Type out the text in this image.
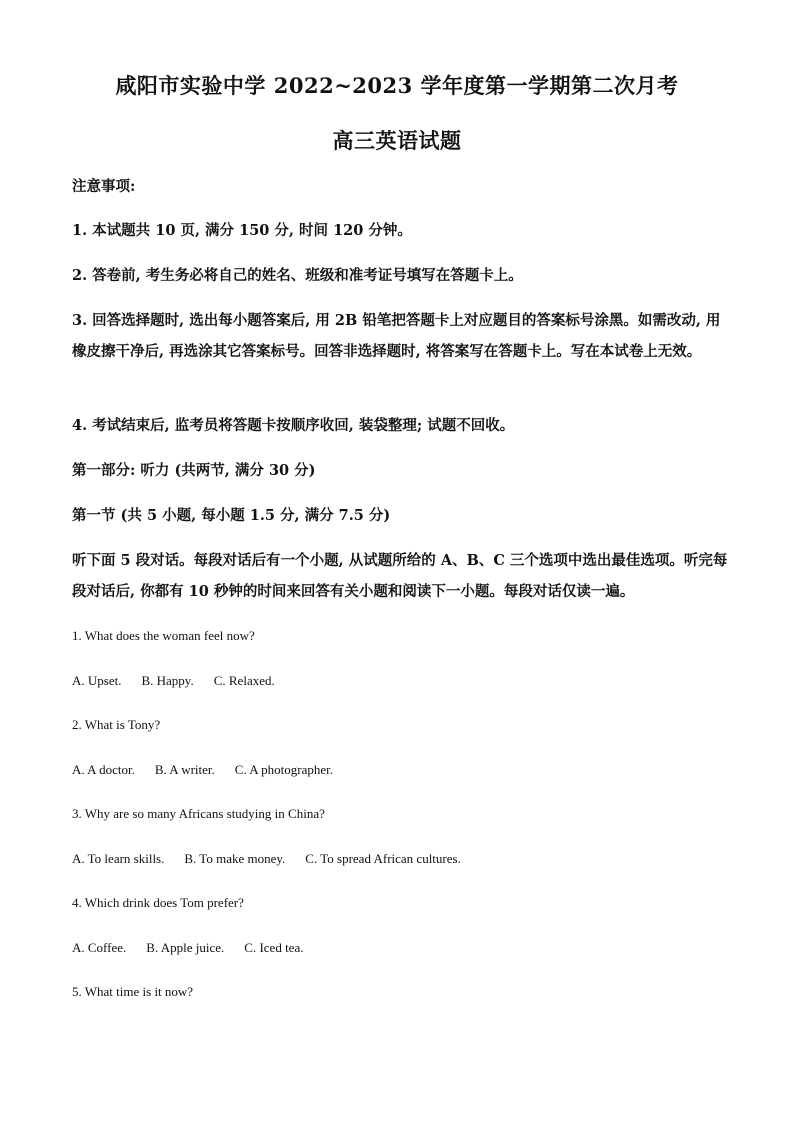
咸阳市实验中学 2022~2023 学年度第一学期第二次月考
高三英语试题
注意事项:
1. 本试题共 10 页, 满分 150 分, 时间 120 分钟。
2. 答卷前, 考生务必将自己的姓名、班级和准考证号填写在答题卡上。
3. 回答选择题时, 选出每小题答案后, 用 2B 铅笔把答题卡上对应题目的答案标号涂黑。如需改动, 用橡皮擦干净后, 再选涂其它答案标号。回答非选择题时, 将答案写在答题卡上。写在本试卷上无效。
4. 考试结束后, 监考员将答题卡按顺序收回, 装袋整理; 试题不回收。
第一部分: 听力 (共两节, 满分 30 分)
第一节 (共 5 小题, 每小题 1.5 分, 满分 7.5 分)
听下面 5 段对话。每段对话后有一个小题, 从试题所给的 A、B、C 三个选项中选出最佳选项。听完每段对话后, 你都有 10 秒钟的时间来回答有关小题和阅读下一小题。每段对话仅读一遍。
1. What does the woman feel now?
A. Upset. B. Happy. C. Relaxed.
2. What is Tony?
A. A doctor. B. A writer. C. A photographer.
3. Why are so many Africans studying in China?
A. To learn skills. B. To make money. C. To spread African cultures.
4. Which drink does Tom prefer?
A. Coffee. B. Apple juice. C. Iced tea.
5. What time is it now?
